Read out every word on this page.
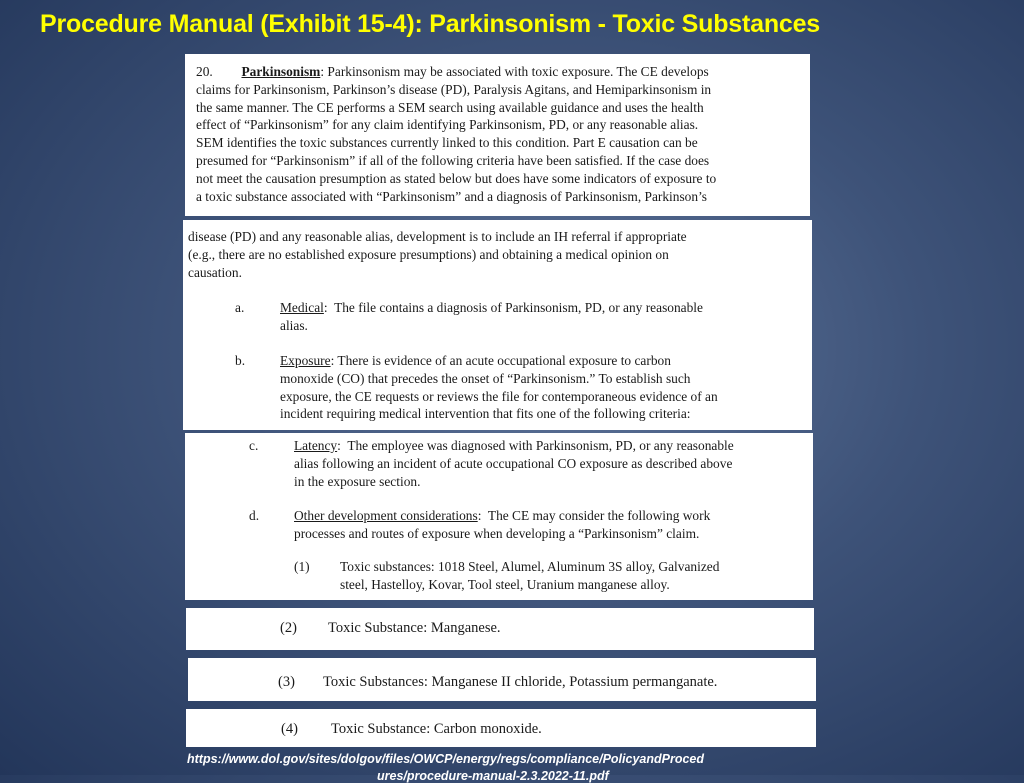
Procedure Manual (Exhibit 15-4): Parkinsonism - Toxic Substances

20. Parkinsonism: Parkinsonism may be associated with toxic exposure. The CE develops

claims for Parkinsonism, Parkinson’s disease (PD), Paralysis Agitans, and Hemiparkinsonism in

the same manner. The CE performs a SEM search using available guidance and uses the health

effect of “Parkinsonism” for any claim identifying Parkinsonism, PD, or any reasonable alias.

SEM identifies the toxic substances currently linked to this condition. Part E causation can be

presumed for “Parkinsonism” if all of the following criteria have been satisfied. If the case does

not meet the causation presumption as stated below but does have some indicators of exposure to

a toxic substance associated with “Parkinsonism” and a diagnosis of Parkinsonism, Parkinson’s

disease (PD) and any reasonable alias, development is to include an IH referral if appropriate

(e.g., there are no established exposure presumptions) and obtaining a medical opinion on

causation.

a.	Medical:  The file contains a diagnosis of Parkinsonism, PD, or any reasonable

alias.

b.	Exposure: There is evidence of an acute occupational exposure to carbon

monoxide (CO) that precedes the onset of “Parkinsonism.” To establish such

exposure, the CE requests or reviews the file for contemporaneous evidence of an

incident requiring medical intervention that fits one of the following criteria:

c.	Latency:  The employee was diagnosed with Parkinsonism, PD, or any reasonable

alias following an incident of acute occupational CO exposure as described above

in the exposure section.

d.	Other development considerations:  The CE may consider the following work

processes and routes of exposure when developing a “Parkinsonism” claim.

(1) Toxic substances: 1018 Steel, Alumel, Aluminum 3S alloy, Galvanized

steel, Hastelloy, Kovar, Tool steel, Uranium manganese alloy.

(2) Toxic Substance: Manganese.
(3) Toxic Substances: Manganese II chloride, Potassium permanganate.
(4) Toxic Substance: Carbon monoxide.
https://www.dol.gov/sites/dolgov/files/OWCP/energy/regs/compliance/PolicyandProced
ures/procedure-manual-2.3.2022-11.pdf
